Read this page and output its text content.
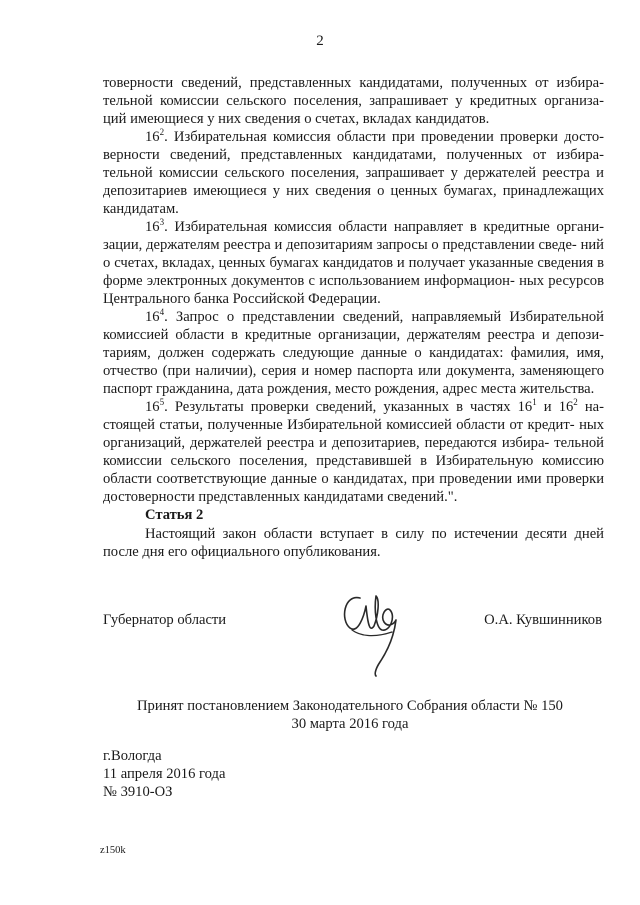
2

товерности сведений, представленных кандидатами, полученных от избира- тельной комиссии сельского поселения, запрашивает у кредитных организа- ций имеющиеся у них сведения о счетах, вкладах кандидатов.

$16^2$. Избирательная комиссия области при проведении проверки досто- верности сведений, представленных кандидатами, полученных от избира- тельной комиссии сельского поселения, запрашивает у держателей реестра и депозитариев имеющиеся у них сведения о ценных бумагах, принадлежащих кандидатам.

$16^3$. Избирательная комиссия области направляет в кредитные органи- зации, держателям реестра и депозитариям запросы о представлении сведе- ний о счетах, вкладах, ценных бумагах кандидатов и получает указанные сведения в форме электронных документов с использованием информацион- ных ресурсов Центрального банка Российской Федерации.

$16^4$. Запрос о представлении сведений, направляемый Избирательной комиссией области в кредитные организации, держателям реестра и депози- тариям, должен содержать следующие данные о кандидатах: фамилия, имя, отчество (при наличии), серия и номер паспорта или документа, заменяющего паспорт гражданина, дата рождения, место рождения, адрес места жительства.

$16^5$. Результаты проверки сведений, указанных в частях $16^1$ и $16^2$ на- стоящей статьи, полученные Избирательной комиссией области от кредит- ных организаций, держателей реестра и депозитариев, передаются избира- тельной комиссии сельского поселения, представившей в Избирательную комиссию области соответствующие данные о кандидатах, при проведении ими проверки достоверности представленных кандидатами сведений.".

Статья 2

Настоящий закон области вступает в силу по истечении десяти дней после дня его официального опубликования.

Губернатор области	О.А. Кувшинников
Принят постановлением Законодательного Собрания области № 150
30 марта 2016 года
г.Вологда
11 апреля 2016 года
№ 3910-ОЗ
z150k
